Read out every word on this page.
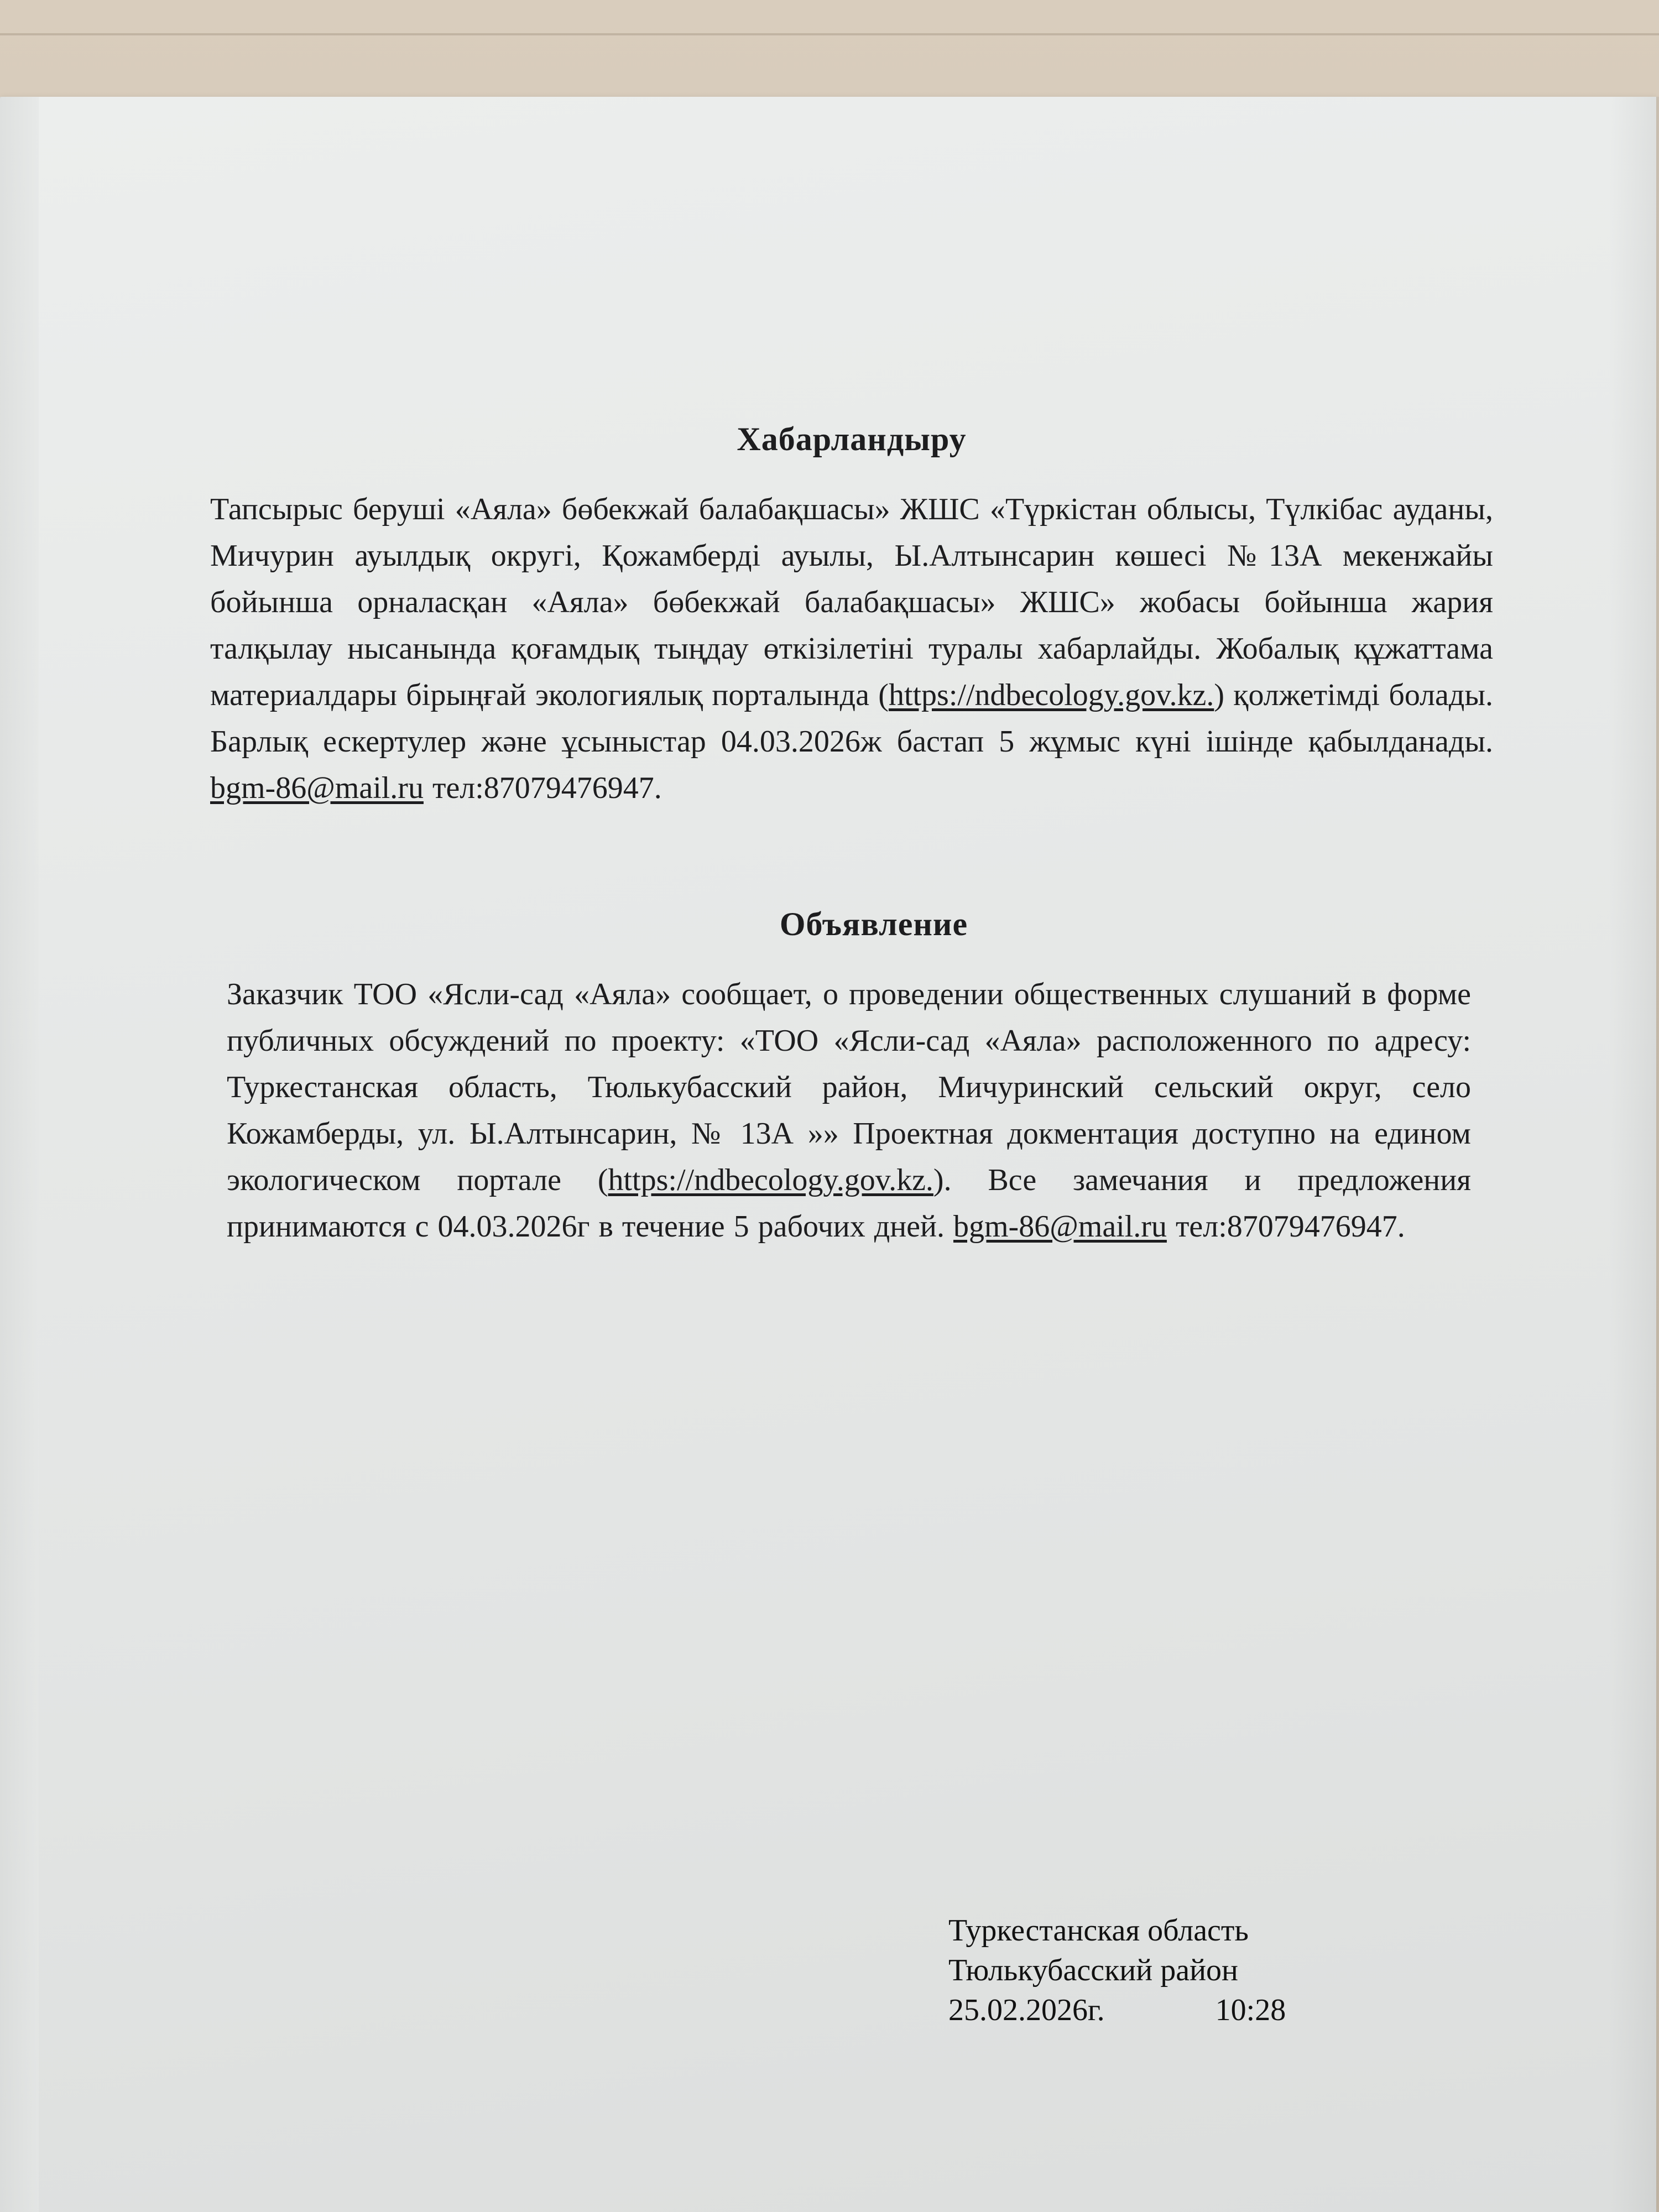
Хабарландыру

Тапсырыс беруші «Аяла» бөбекжай балабақшасы» ЖШС «Түркістан облысы, Түлкібас ауданы, Мичурин ауылдық округі, Қожамберді ауылы, Ы.Алтынсарин көшесі №13А мекенжайы бойынша орналасқан «Аяла» бөбекжай балабақшасы» ЖШС» жобасы бойынша жария талқылау нысанында қоғамдық тыңдау өткізілетіні туралы хабарлайды. Жобалық құжаттама материалдары бірыңғай экологиялық порталында (https://ndbecology.gov.kz.) қолжетімді болады. Барлық ескертулер және ұсыныстар 04.03.2026ж бастап 5 жұмыс күні ішінде қабылданады. bgm-86@mail.ru тел:87079476947.

Объявление

Заказчик ТОО «Ясли-сад «Аяла» сообщает, о проведении общественных слушаний в форме публичных обсуждений по проекту: «ТОО «Ясли-сад «Аяла» расположенного по адресу: Туркестанская область, Тюлькубасский район, Мичуринский сельский округ, село Кожамберды, ул. Ы.Алтынсарин, № 13А »» Проектная докментация доступно на едином экологическом портале (https://ndbecology.gov.kz.). Все замечания и предложения принимаются с 04.03.2026г в течение 5 рабочих дней. bgm-86@mail.ru тел:87079476947.

Туркестанская область
Тюлькубасский район
25.02.2026г.	10:28
